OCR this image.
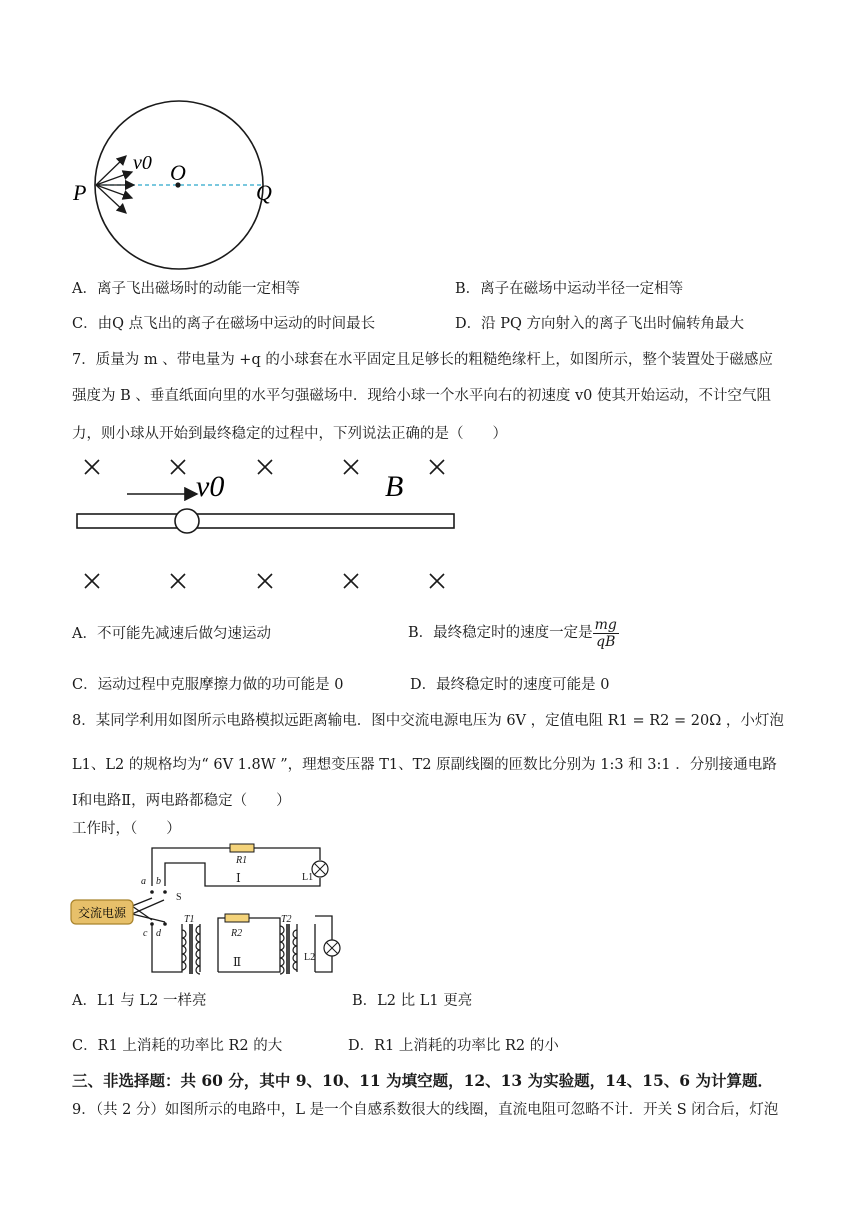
P
O
Q
v0
A．离子飞出磁场时的动能一定相等	B．离子在磁场中运动半径一定相等
C．由Q 点飞出的离子在磁场中运动的时间最长	D．沿 PQ 方向射入的离子飞出时偏转角最大
7．质量为 m 、带电量为 +q 的小球套在水平固定且足够长的粗糙绝缘杆上，如图所示，整个装置处于磁感应
强度为 B 、垂直纸面向里的水平匀强磁场中．现给小球一个水平向右的初速度 v0 使其开始运动，不计空气阻
力，则小球从开始到最终稳定的过程中，下列说法正确的是（　　）
v0	B
A．不可能先减速后做匀速运动	B．最终稳定时的速度一定是 $\frac{mg}{qB}$
C．运动过程中克服摩擦力做的功可能是 0	D．最终稳定时的速度可能是 0
8．某同学利用如图所示电路模拟远距离输电．图中交流电源电压为 6V ，定值电阻 R1 = R2 = 20Ω ，小灯泡
L1、L2 的规格均为“ 6V 1.8W ”，理想变压器 T1、T2 原副线圈的匝数比分别为 1:3 和 3:1 ．分别接通电路
Ⅰ和电路Ⅱ，两电路都稳定（　　）
工作时，（　　）
交流电源
a b
c d
R1
R2
T1	T2
S
L1
L2
Ⅰ
Ⅱ
A．L1 与 L2 一样亮	B．L2 比 L1 更亮
C．R1 上消耗的功率比 R2 的大	D．R1 上消耗的功率比 R2 的小
三、非选择题：共 60 分，其中 9、10、11 为填空题，12、13 为实验题，14、15、6 为计算题．
9．（共 2 分）如图所示的电路中，L 是一个自感系数很大的线圈，直流电阻可忽略不计．开关 S 闭合后，灯泡
